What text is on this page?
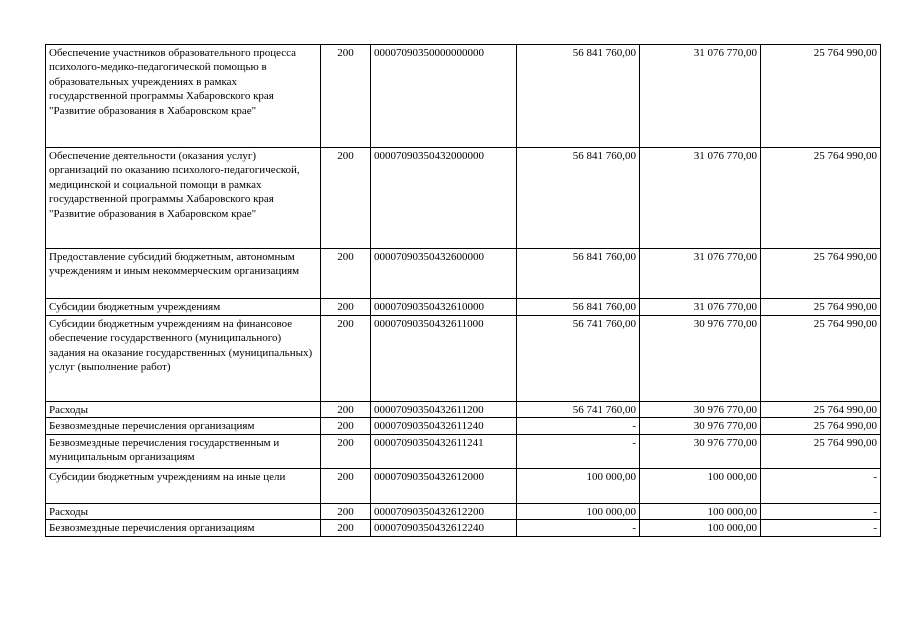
Обеспечение участников образовательного процесса психолого-медико-педагогической помощью в образовательных учреждениях в рамках государственной программы Хабаровского края "Развитие образования в Хабаровском крае"	200	00007090350000000000	56 841 760,00	31 076 770,00	25 764 990,00
Обеспечение деятельности (оказания услуг) организаций по оказанию психолого-педагогической, медицинской и социальной помощи в рамках государственной программы Хабаровского края "Развитие образования в Хабаровском крае"	200	00007090350432000000	56 841 760,00	31 076 770,00	25 764 990,00
Предоставление субсидий бюджетным, автономным учреждениям и иным некоммерческим организациям	200	00007090350432600000	56 841 760,00	31 076 770,00	25 764 990,00
Субсидии бюджетным учреждениям	200	00007090350432610000	56 841 760,00	31 076 770,00	25 764 990,00
Субсидии бюджетным учреждениям на финансовое обеспечение государственного (муниципального) задания на оказание государственных (муниципальных) услуг (выполнение работ)	200	00007090350432611000	56 741 760,00	30 976 770,00	25 764 990,00
Расходы	200	00007090350432611200	56 741 760,00	30 976 770,00	25 764 990,00
Безвозмездные перечисления организациям	200	00007090350432611240	-	30 976 770,00	25 764 990,00
Безвозмездные перечисления государственным и муниципальным организациям	200	00007090350432611241	-	30 976 770,00	25 764 990,00
Субсидии бюджетным учреждениям на иные цели	200	00007090350432612000	100 000,00	100 000,00	-
Расходы	200	00007090350432612200	100 000,00	100 000,00	-
Безвозмездные перечисления организациям	200	00007090350432612240	-	100 000,00	-
